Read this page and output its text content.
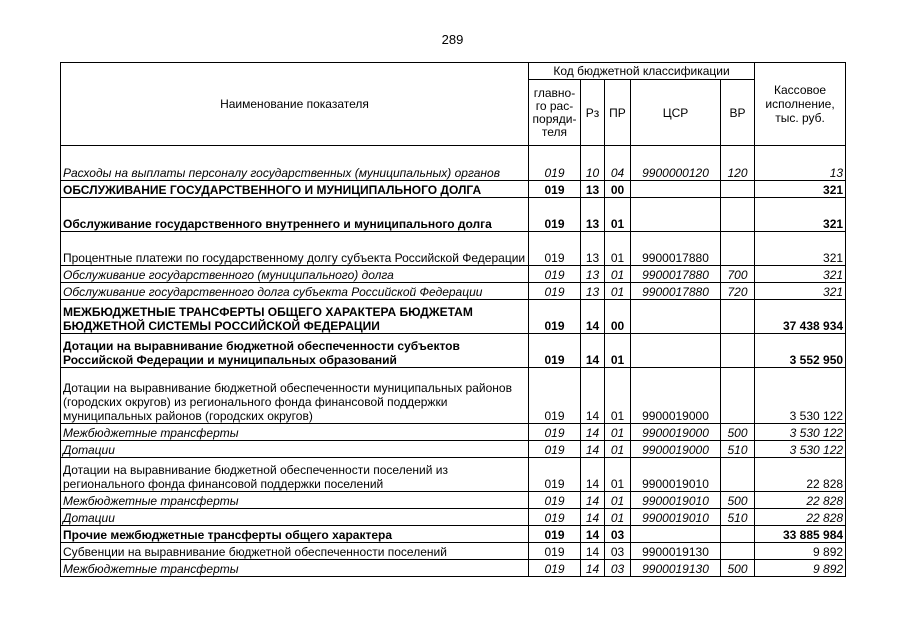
289
Наименование показателя	Код бюджетной классификации					Кассовое исполнение, тыс. руб.
	главно-го рас-поряди-теля	Рз	ПР	ЦСР	ВР	
Расходы на выплаты персоналу государственных (муниципальных) органов	019	10	04	9900000120	120	13
ОБСЛУЖИВАНИЕ ГОСУДАРСТВЕННОГО И МУНИЦИПАЛЬНОГО ДОЛГА	019	13	00			321
Обслуживание государственного внутреннего и муниципального долга	019	13	01			321
Процентные платежи по государственному долгу субъекта Российской Федерации	019	13	01	9900017880		321
Обслуживание государственного (муниципального) долга	019	13	01	9900017880	700	321
Обслуживание государственного долга субъекта Российской Федерации	019	13	01	9900017880	720	321
МЕЖБЮДЖЕТНЫЕ ТРАНСФЕРТЫ ОБЩЕГО ХАРАКТЕРА БЮДЖЕТАМ БЮДЖЕТНОЙ СИСТЕМЫ РОССИЙСКОЙ ФЕДЕРАЦИИ	019	14	00			37 438 934
Дотации на выравнивание бюджетной обеспеченности субъектов Российской Федерации и муниципальных образований	019	14	01			3 552 950
Дотации на выравнивание бюджетной обеспеченности муниципальных районов (городских округов) из регионального фонда финансовой поддержки муниципальных районов (городских округов)	019	14	01	9900019000		3 530 122
Межбюджетные трансферты	019	14	01	9900019000	500	3 530 122
Дотации	019	14	01	9900019000	510	3 530 122
Дотации на выравнивание бюджетной обеспеченности поселений из регионального фонда финансовой поддержки поселений	019	14	01	9900019010		22 828
Межбюджетные трансферты	019	14	01	9900019010	500	22 828
Дотации	019	14	01	9900019010	510	22 828
Прочие межбюджетные трансферты общего характера	019	14	03			33 885 984
Субвенции на выравнивание бюджетной обеспеченности поселений	019	14	03	9900019130		9 892
Межбюджетные трансферты	019	14	03	9900019130	500	9 892
